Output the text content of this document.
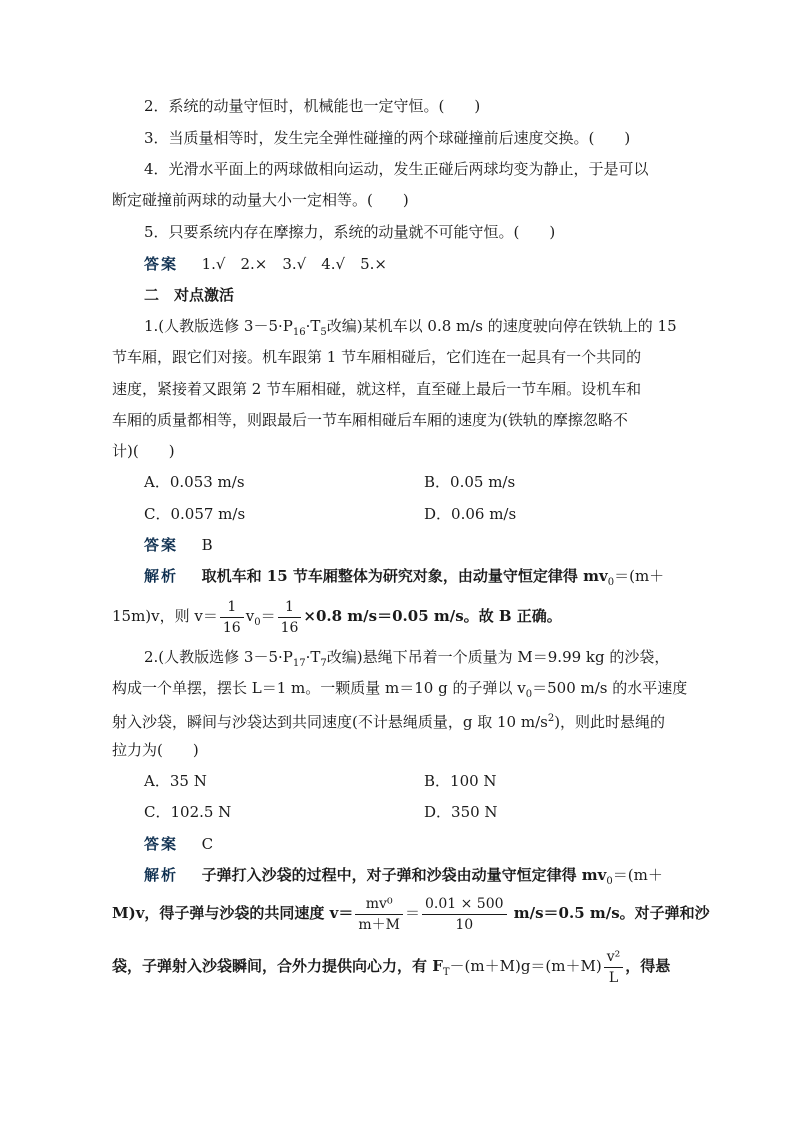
2．系统的动量守恒时，机械能也一定守恒。(　　)
3．当质量相等时，发生完全弹性碰撞的两个球碰撞前后速度交换。(　　)
4．光滑水平面上的两球做相向运动，发生正碰后两球均变为静止，于是可以
断定碰撞前两球的动量大小一定相等。(　　)
5．只要系统内存在摩擦力，系统的动量就不可能守恒。(　　)
答案 1.√　2.×　3.√　4.√　5.×
二　对点激活
1.(人教版选修 $3-5\cdot P_{16}\cdot T_5$改编)某机车以 0.8 m/s 的速度驶向停在铁轨上的 15
节车厢，跟它们对接。机车跟第 1 节车厢相碰后，它们连在一起具有一个共同的
速度，紧接着又跟第 2 节车厢相碰，就这样，直至碰上最后一节车厢。设机车和
车厢的质量都相等，则跟最后一节车厢相碰后车厢的速度为(铁轨的摩擦忽略不
计)(　　)
A．0.053 m/s	B．0.05 m/s
C．0.057 m/s	D．0.06 m/s
答案 B
解析 取机车和 15 节车厢整体为研究对象，由动量守恒定律得 $mv_0=(m+$
15m)v，则 $v= \frac{1}{16} v_0= \frac{1}{16} \times 0.8$ m/s＝0.05 m/s。故 B 正确。
2.(人教版选修 $3-5\cdot P_{17}\cdot T_7$改编)悬绳下吊着一个质量为 M＝9.99 kg 的沙袋，
构成一个单摆，摆长 L＝1 m。一颗质量 m＝10 g 的子弹以 $v_0=500$ m/s 的水平速度
射入沙袋，瞬间与沙袋达到共同速度(不计悬绳质量，g 取 10 $m/s^2$)，则此时悬绳的
拉力为(　　)
A．35 N	B．100 N
C．102.5 N	D．350 N
答案 C
解析 子弹打入沙袋的过程中，对子弹和沙袋由动量守恒定律得 $mv_0=(m+$
M)v，得子弹与沙袋的共同速度 $v= \frac{\text{mv⁰}}{m+M} = \frac{0.01 \times 500}{10} m/s=0.5$ m/s。对子弹和沙
袋，子弹射入沙袋瞬间，合外力提供向心力，有 $F_T-(m+M)g=(m+M) \frac{\text{v²}}{L}$ ，得悬
